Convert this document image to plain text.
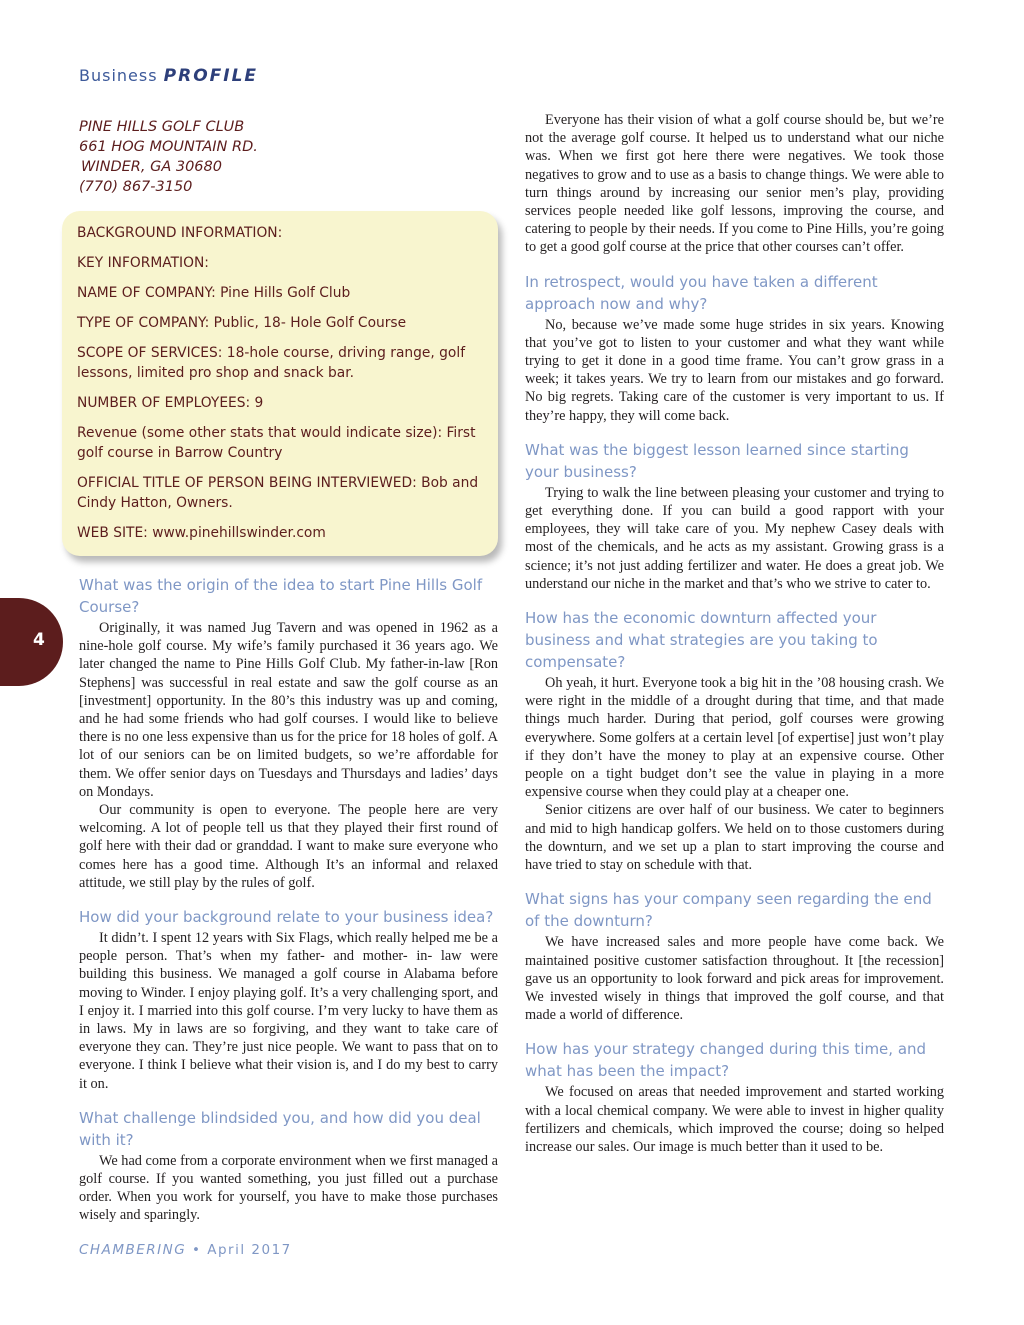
Business PROFILE
PINE HILLS GOLF CLUB
661 HOG MOUNTAIN RD.
WINDER, GA 30680
(770) 867-3150

BACKGROUND INFORMATION:

KEY INFORMATION:

NAME OF COMPANY: Pine Hills Golf Club

TYPE OF COMPANY: Public, 18- Hole Golf Course

SCOPE OF SERVICES: 18-hole course, driving range, golf lessons, limited pro shop and snack bar.

NUMBER OF EMPLOYEES: 9

Revenue (some other stats that would indicate size): First golf course in Barrow Country

OFFICIAL TITLE OF PERSON BEING INTERVIEWED: Bob and Cindy Hatton, Owners.

WEB SITE: www.pinehillswinder.com

4
What was the origin of the idea to start Pine Hills Golf Course?

Originally, it was named Jug Tavern and was opened in 1962 as a nine-hole golf course. My wife’s family purchased it 36 years ago. We later changed the name to Pine Hills Golf Club. My father-in-law [Ron Stephens] was successful in real estate and saw the golf course as an [investment] opportunity. In the 80’s this industry was up and coming, and he had some friends who had golf courses. I would like to believe there is no one less expensive than us for the price for 18 holes of golf. A lot of our seniors can be on limited budgets, so we’re affordable for them. We offer senior days on Tuesdays and Thursdays and ladies’ days on Mondays.

Our community is open to everyone. The people here are very welcoming. A lot of people tell us that they played their first round of golf here with their dad or granddad. I want to make sure everyone who comes here has a good time. Although It’s an informal and relaxed attitude, we still play by the rules of golf.

How did your background relate to your business idea?

It didn’t. I spent 12 years with Six Flags, which really helped me be a people person. That’s when my father- and mother- in- law were building this business. We managed a golf course in Alabama before moving to Winder. I enjoy playing golf. It’s a very challenging sport, and I enjoy it. I married into this golf course. I’m very lucky to have them as in laws. My in laws are so forgiving, and they want to take care of everyone they can. They’re just nice people. We want to pass that on to everyone. I think I believe what their vision is, and I do my best to carry it on.

What challenge blindsided you, and how did you deal with it?

We had come from a corporate environment when we first managed a golf course. If you wanted something, you just filled out a purchase order. When you work for yourself, you have to make those purchases wisely and sparingly.

Everyone has their vision of what a golf course should be, but we’re not the average golf course. It helped us to understand what our niche was. When we first got here there were negatives. We took those negatives to grow and to use as a basis to change things. We were able to turn things around by increasing our senior men’s play, providing services people needed like golf lessons, improving the course, and catering to people by their needs. If you come to Pine Hills, you’re going to get a good golf course at the price that other courses can’t offer.

In retrospect, would you have taken a different approach now and why?

No, because we’ve made some huge strides in six years. Knowing that you’ve got to listen to your customer and what they want while trying to get it done in a good time frame. You can’t grow grass in a week; it takes years. We try to learn from our mistakes and go forward. No big regrets. Taking care of the customer is very important to us. If they’re happy, they will come back.

What was the biggest lesson learned since starting your business?

Trying to walk the line between pleasing your customer and trying to get everything done. If you can build a good rapport with your employees, they will take care of you. My nephew Casey deals with most of the chemicals, and he acts as my assistant. Growing grass is a science; it’s not just adding fertilizer and water. He does a great job. We understand our niche in the market and that’s who we strive to cater to.

How has the economic downturn affected your business and what strategies are you taking to compensate?

Oh yeah, it hurt. Everyone took a big hit in the ’08 housing crash. We were right in the middle of a drought during that time, and that made things much harder. During that period, golf courses were growing everywhere. Some golfers at a certain level [of expertise] just won’t play if they don’t have the money to play at an expensive course. Other people on a tight budget don’t see the value in playing in a more expensive course when they could play at a cheaper one.

Senior citizens are over half of our business. We cater to beginners and mid to high handicap golfers. We held on to those customers during the downturn, and we set up a plan to start improving the course and have tried to stay on schedule with that.

What signs has your company seen regarding the end of the downturn?

We have increased sales and more people have come back. We maintained positive customer satisfaction throughout. It [the recession] gave us an opportunity to look forward and pick areas for improvement. We invested wisely in things that improved the golf course, and that made a world of difference.

How has your strategy changed during this time, and what has been the impact?

We focused on areas that needed improvement and started working with a local chemical company. We were able to invest in higher quality fertilizers and chemicals, which improved the course; doing so helped increase our sales. Our image is much better than it used to be.

CHAMBERING • April 2017
